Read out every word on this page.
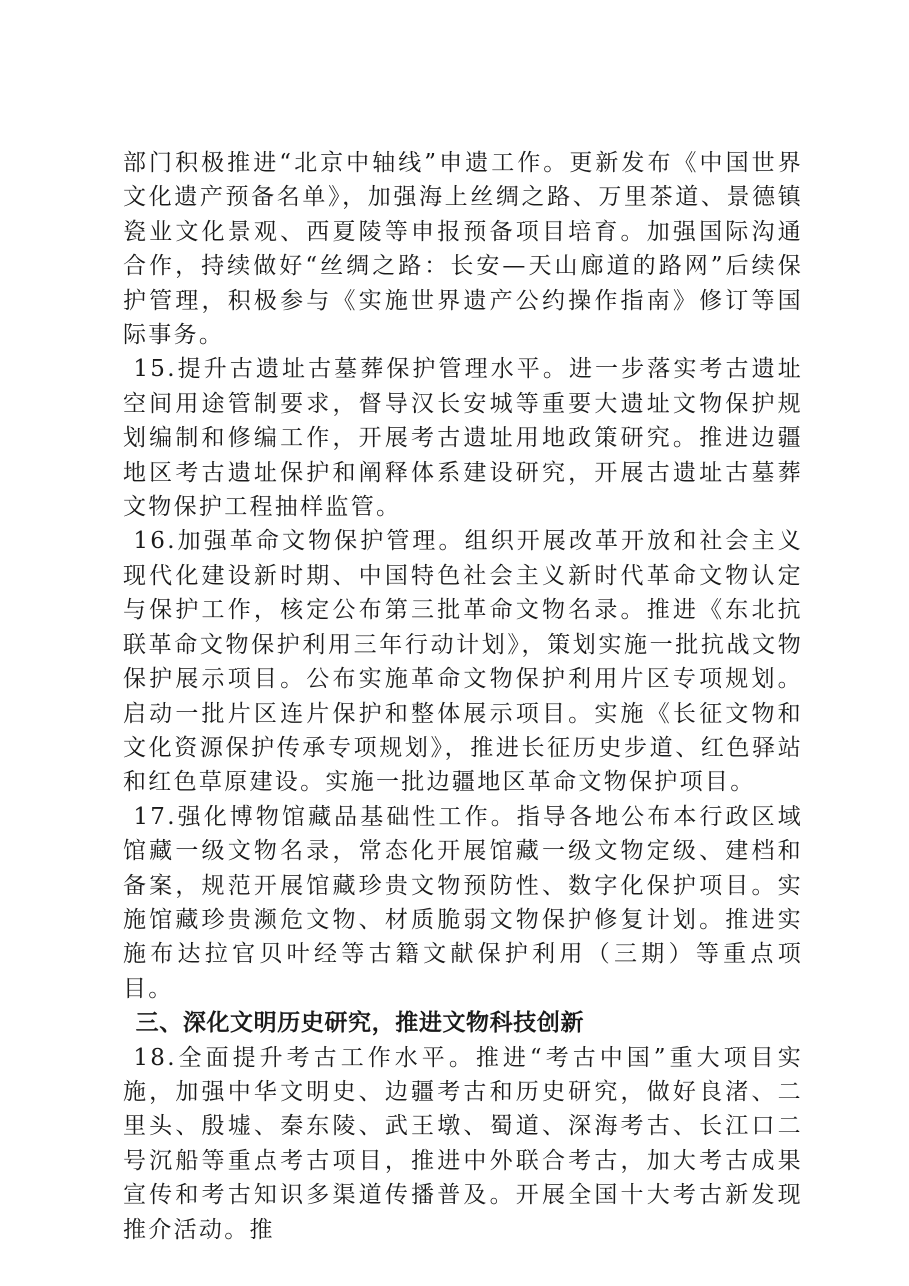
部门积极推进“北京中轴线”申遗工作。更新发布《中国世界文化遗产预备名单》，加强海上丝绸之路、万里茶道、景德镇瓷业文化景观、西夏陵等申报预备项目培育。加强国际沟通合作，持续做好“丝绸之路：长安—天山廊道的路网”后续保护管理，积极参与《实施世界遗产公约操作指南》修订等国际事务。

15.提升古遗址古墓葬保护管理水平。进一步落实考古遗址空间用途管制要求，督导汉长安城等重要大遗址文物保护规划编制和修编工作，开展考古遗址用地政策研究。推进边疆地区考古遗址保护和阐释体系建设研究，开展古遗址古墓葬文物保护工程抽样监管。

16.加强革命文物保护管理。组织开展改革开放和社会主义现代化建设新时期、中国特色社会主义新时代革命文物认定与保护工作，核定公布第三批革命文物名录。推进《东北抗联革命文物保护利用三年行动计划》，策划实施一批抗战文物保护展示项目。公布实施革命文物保护利用片区专项规划。启动一批片区连片保护和整体展示项目。实施《长征文物和文化资源保护传承专项规划》，推进长征历史步道、红色驿站和红色草原建设。实施一批边疆地区革命文物保护项目。

17.强化博物馆藏品基础性工作。指导各地公布本行政区域馆藏一级文物名录，常态化开展馆藏一级文物定级、建档和备案，规范开展馆藏珍贵文物预防性、数字化保护项目。实施馆藏珍贵濒危文物、材质脆弱文物保护修复计划。推进实施布达拉官贝叶经等古籍文献保护利用（三期）等重点项目。

三、深化文明历史研究，推进文物科技创新

18.全面提升考古工作水平。推进“考古中国”重大项目实施，加强中华文明史、边疆考古和历史研究，做好良渚、二里头、殷墟、秦东陵、武王墩、蜀道、深海考古、长江口二号沉船等重点考古项目，推进中外联合考古，加大考古成果宣传和考古知识多渠道传播普及。开展全国十大考古新发现推介活动。推
